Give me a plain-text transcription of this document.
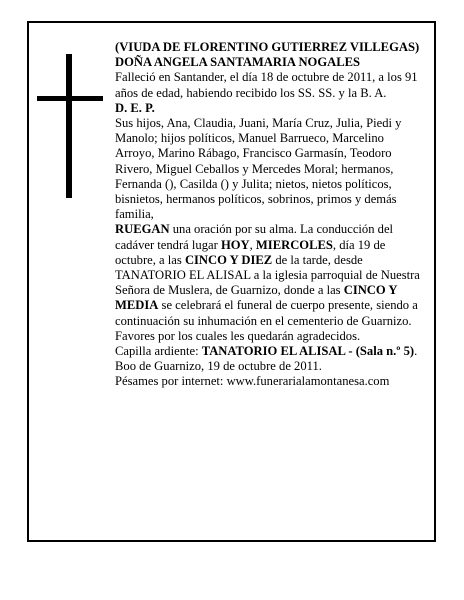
(VIUDA DE FLORENTINO GUTIERREZ VILLEGAS)

DOÑA ANGELA SANTAMARIA NOGALES

Falleció en Santander, el día 18 de octubre de 2011, a los 91 años de edad, habiendo recibido los SS. SS. y la B. A.

D. E. P.

Sus hijos, Ana, Claudia, Juani, María Cruz, Julia, Piedi y Manolo; hijos políticos, Manuel Barrueco, Marcelino Arroyo, Marino Rábago, Francisco Garmasín, Teodoro Rivero, Miguel Ceballos y Mercedes Moral; hermanos, Fernanda (), Casilda () y Julita; nietos, nietos políticos, bisnietos, hermanos políticos, sobrinos, primos y demás familia,

RUEGAN una oración por su alma. La conducción del cadáver tendrá lugar HOY, MIERCOLES, día 19 de octubre, a las CINCO Y DIEZ de la tarde, desde TANATORIO EL ALISAL a la iglesia parroquial de Nuestra Señora de Muslera, de Guarnizo, donde a las CINCO Y MEDIA se celebrará el funeral de cuerpo presente, siendo a continuación su inhumación en el cementerio de Guarnizo. Favores por los cuales les quedarán agradecidos.

Capilla ardiente: TANATORIO EL ALISAL - (Sala n.º 5).

Boo de Guarnizo, 19 de octubre de 2011.

Pésames por internet: www.funerarialamontanesa.com
